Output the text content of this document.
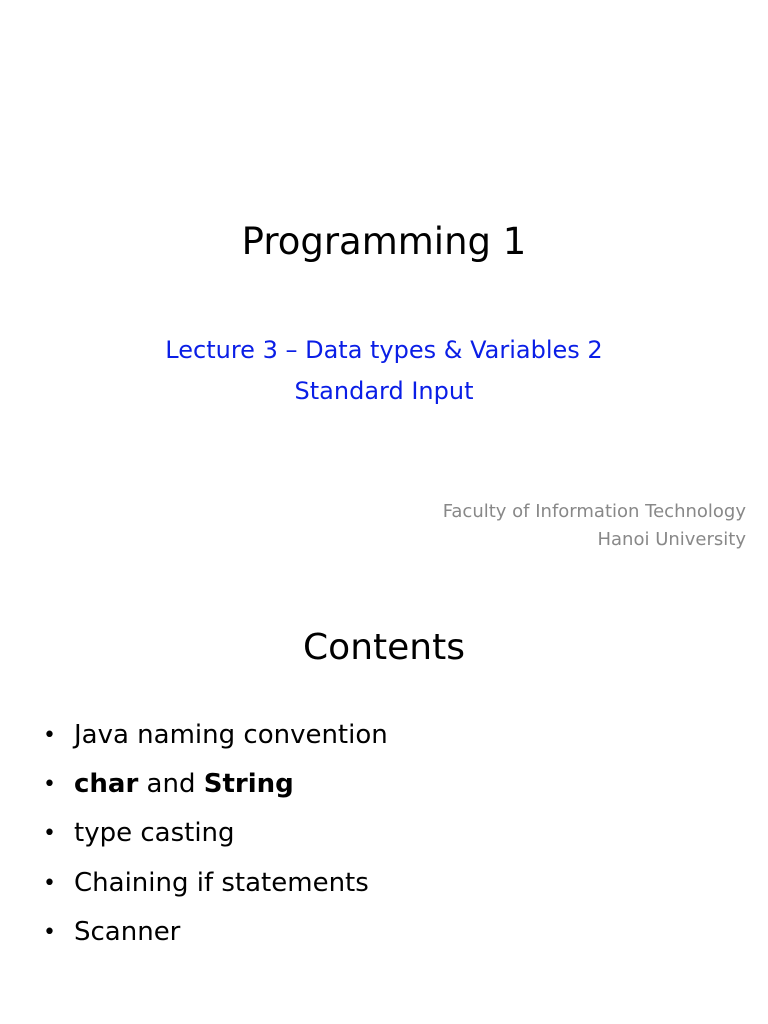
Programming 1
Lecture 3 – Data types & Variables 2
Standard Input
Faculty of Information Technology
Hanoi University
Contents
• Java naming convention
• char and String
• type casting
• Chaining if statements
• Scanner
